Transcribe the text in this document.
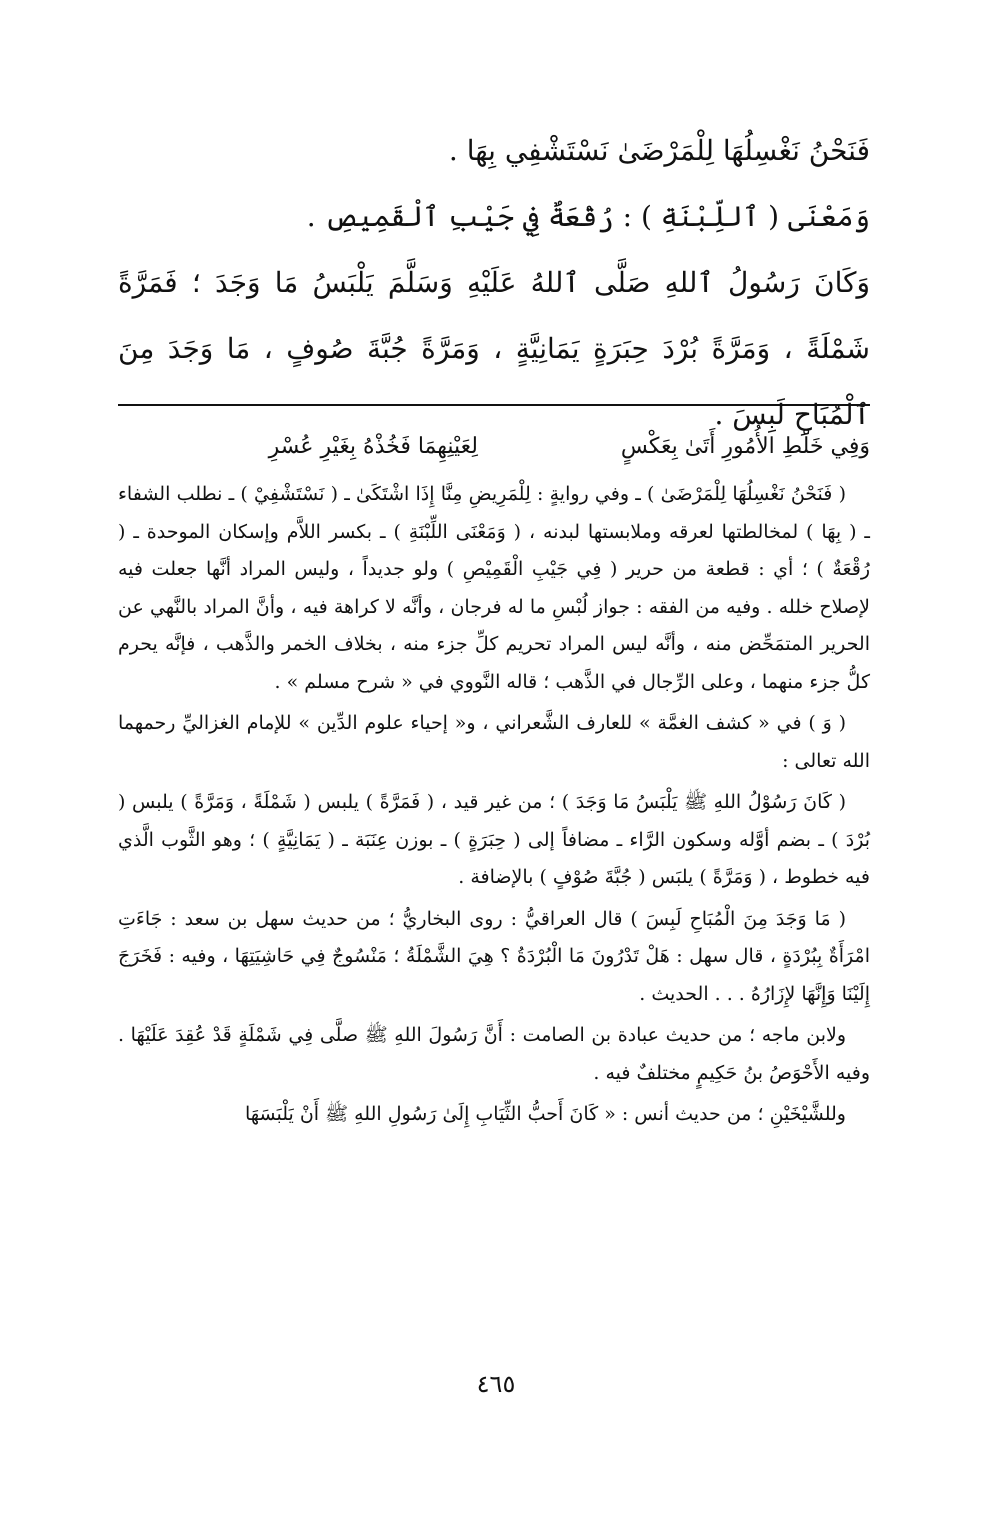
فَنَحْنُ نَغْسِلُهَا لِلْمَرْضَىٰ نَسْتَشْفِي بِهَا .

وَمَعْنَى ( ٱللِّبْنَةِ ) : رُقْعَةٌ فِي جَيْبِ ٱلْقَمِيصِ .

وَكَانَ رَسُولُ ٱللهِ صَلَّى ٱللهُ عَلَيْهِ وَسَلَّمَ يَلْبَسُ مَا وَجَدَ ؛ فَمَرَّةً شَمْلَةً ، وَمَرَّةً بُرْدَ حِبَرَةٍ يَمَانِيَّةٍ ، وَمَرَّةً جُبَّةَ صُوفٍ ، مَا وَجَدَ مِنَ ٱلْمُبَاحِ لَبِسَ .

وَفِي خَلْطِ الأُمُورِ أَتَىٰ بِعَكْسٍ
لِعَيْنِهِمَا فَخُذْهُ بِغَيْرِ عُسْرِ

( فَنَحْنُ نَغْسِلُهَا لِلْمَرْضَىٰ ) ـ وفي روايةٍ : لِلْمَرِيضِ مِنَّا إِذَا اشْتَكَىٰ ـ ( نَسْتَشْفِيْ ) ـ نطلب الشفاء ـ ( بِهَا ) لمخالطتها لعرقه وملابستها لبدنه ، ( وَمَعْنَى اللِّبْنَةِ ) ـ بكسر اللاَّم وإسكان الموحدة ـ ( رُقْعَةٌ ) ؛ أي : قطعة من حرير ( فِي جَيْبِ الْقَمِيْصِ ) ولو جديداً ، وليس المراد أنَّها جعلت فيه لإصلاح خلله . وفيه من الفقه : جواز لُبْسِ ما له فرجان ، وأنَّه لا كراهة فيه ، وأنَّ المراد بالنَّهي عن الحرير المتمَحِّض منه ، وأنَّه ليس المراد تحريم كلِّ جزء منه ، بخلاف الخمر والذَّهب ، فإنَّه يحرم كلُّ جزء منهما ، وعلى الرِّجال في الذَّهب ؛ قاله النَّووي في « شرح مسلم » .

( وَ ) في « كشف الغمَّة » للعارف الشَّعراني ، و« إحياء علوم الدِّين » للإمام الغزاليِّ رحمهما الله تعالى :

( كَانَ رَسُوْلُ اللهِ ﷺ يَلْبَسُ مَا وَجَدَ ) ؛ من غير قيد ، ( فَمَرَّةً ) يلبس ( شَمْلَةً ، وَمَرَّةً ) يلبس ( بُرْدَ ) ـ بضم أوَّله وسكون الرَّاء ـ مضافاً إلى ( حِبَرَةٍ ) ـ بوزن عِنَبَة ـ ( يَمَانِيَّةٍ ) ؛ وهو الثَّوب الَّذي فيه خطوط ، ( وَمَرَّةً ) يلبَس ( جُبَّةَ صُوْفٍ ) بالإضافة .

( مَا وَجَدَ مِنَ الْمُبَاحِ لَبِسَ ) قال العراقيُّ : روى البخاريُّ ؛ من حديث سهل بن سعد : جَاءَتِ امْرَأَةٌ بِبُرْدَةٍ ، قال سهل : هَلْ تَدْرُونَ مَا الْبُرْدَةُ ؟ هِيَ الشَّمْلَةُ ؛ مَنْسُوجٌ فِي حَاشِيَتِهَا ، وفيه : فَخَرَجَ إِلَيْنَا وَإِنَّهَا لإِزَارُهُ . . . الحديث .

ولابن ماجه ؛ من حديث عبادة بن الصامت : أَنَّ رَسُولَ اللهِ ﷺ صلَّى فِي شَمْلَةٍ قَدْ عُقِدَ عَلَيْهَا . وفيه الأَحْوَصُ بنُ حَكِيمٍ مختلفٌ فيه .

وللشَّيْخَيْنِ ؛ من حديث أنس : « كَانَ أَحبُّ الثِّيَابِ إِلَىٰ رَسُولِ اللهِ ﷺ أَنْ يَلْبَسَهَا

٤٦٥
